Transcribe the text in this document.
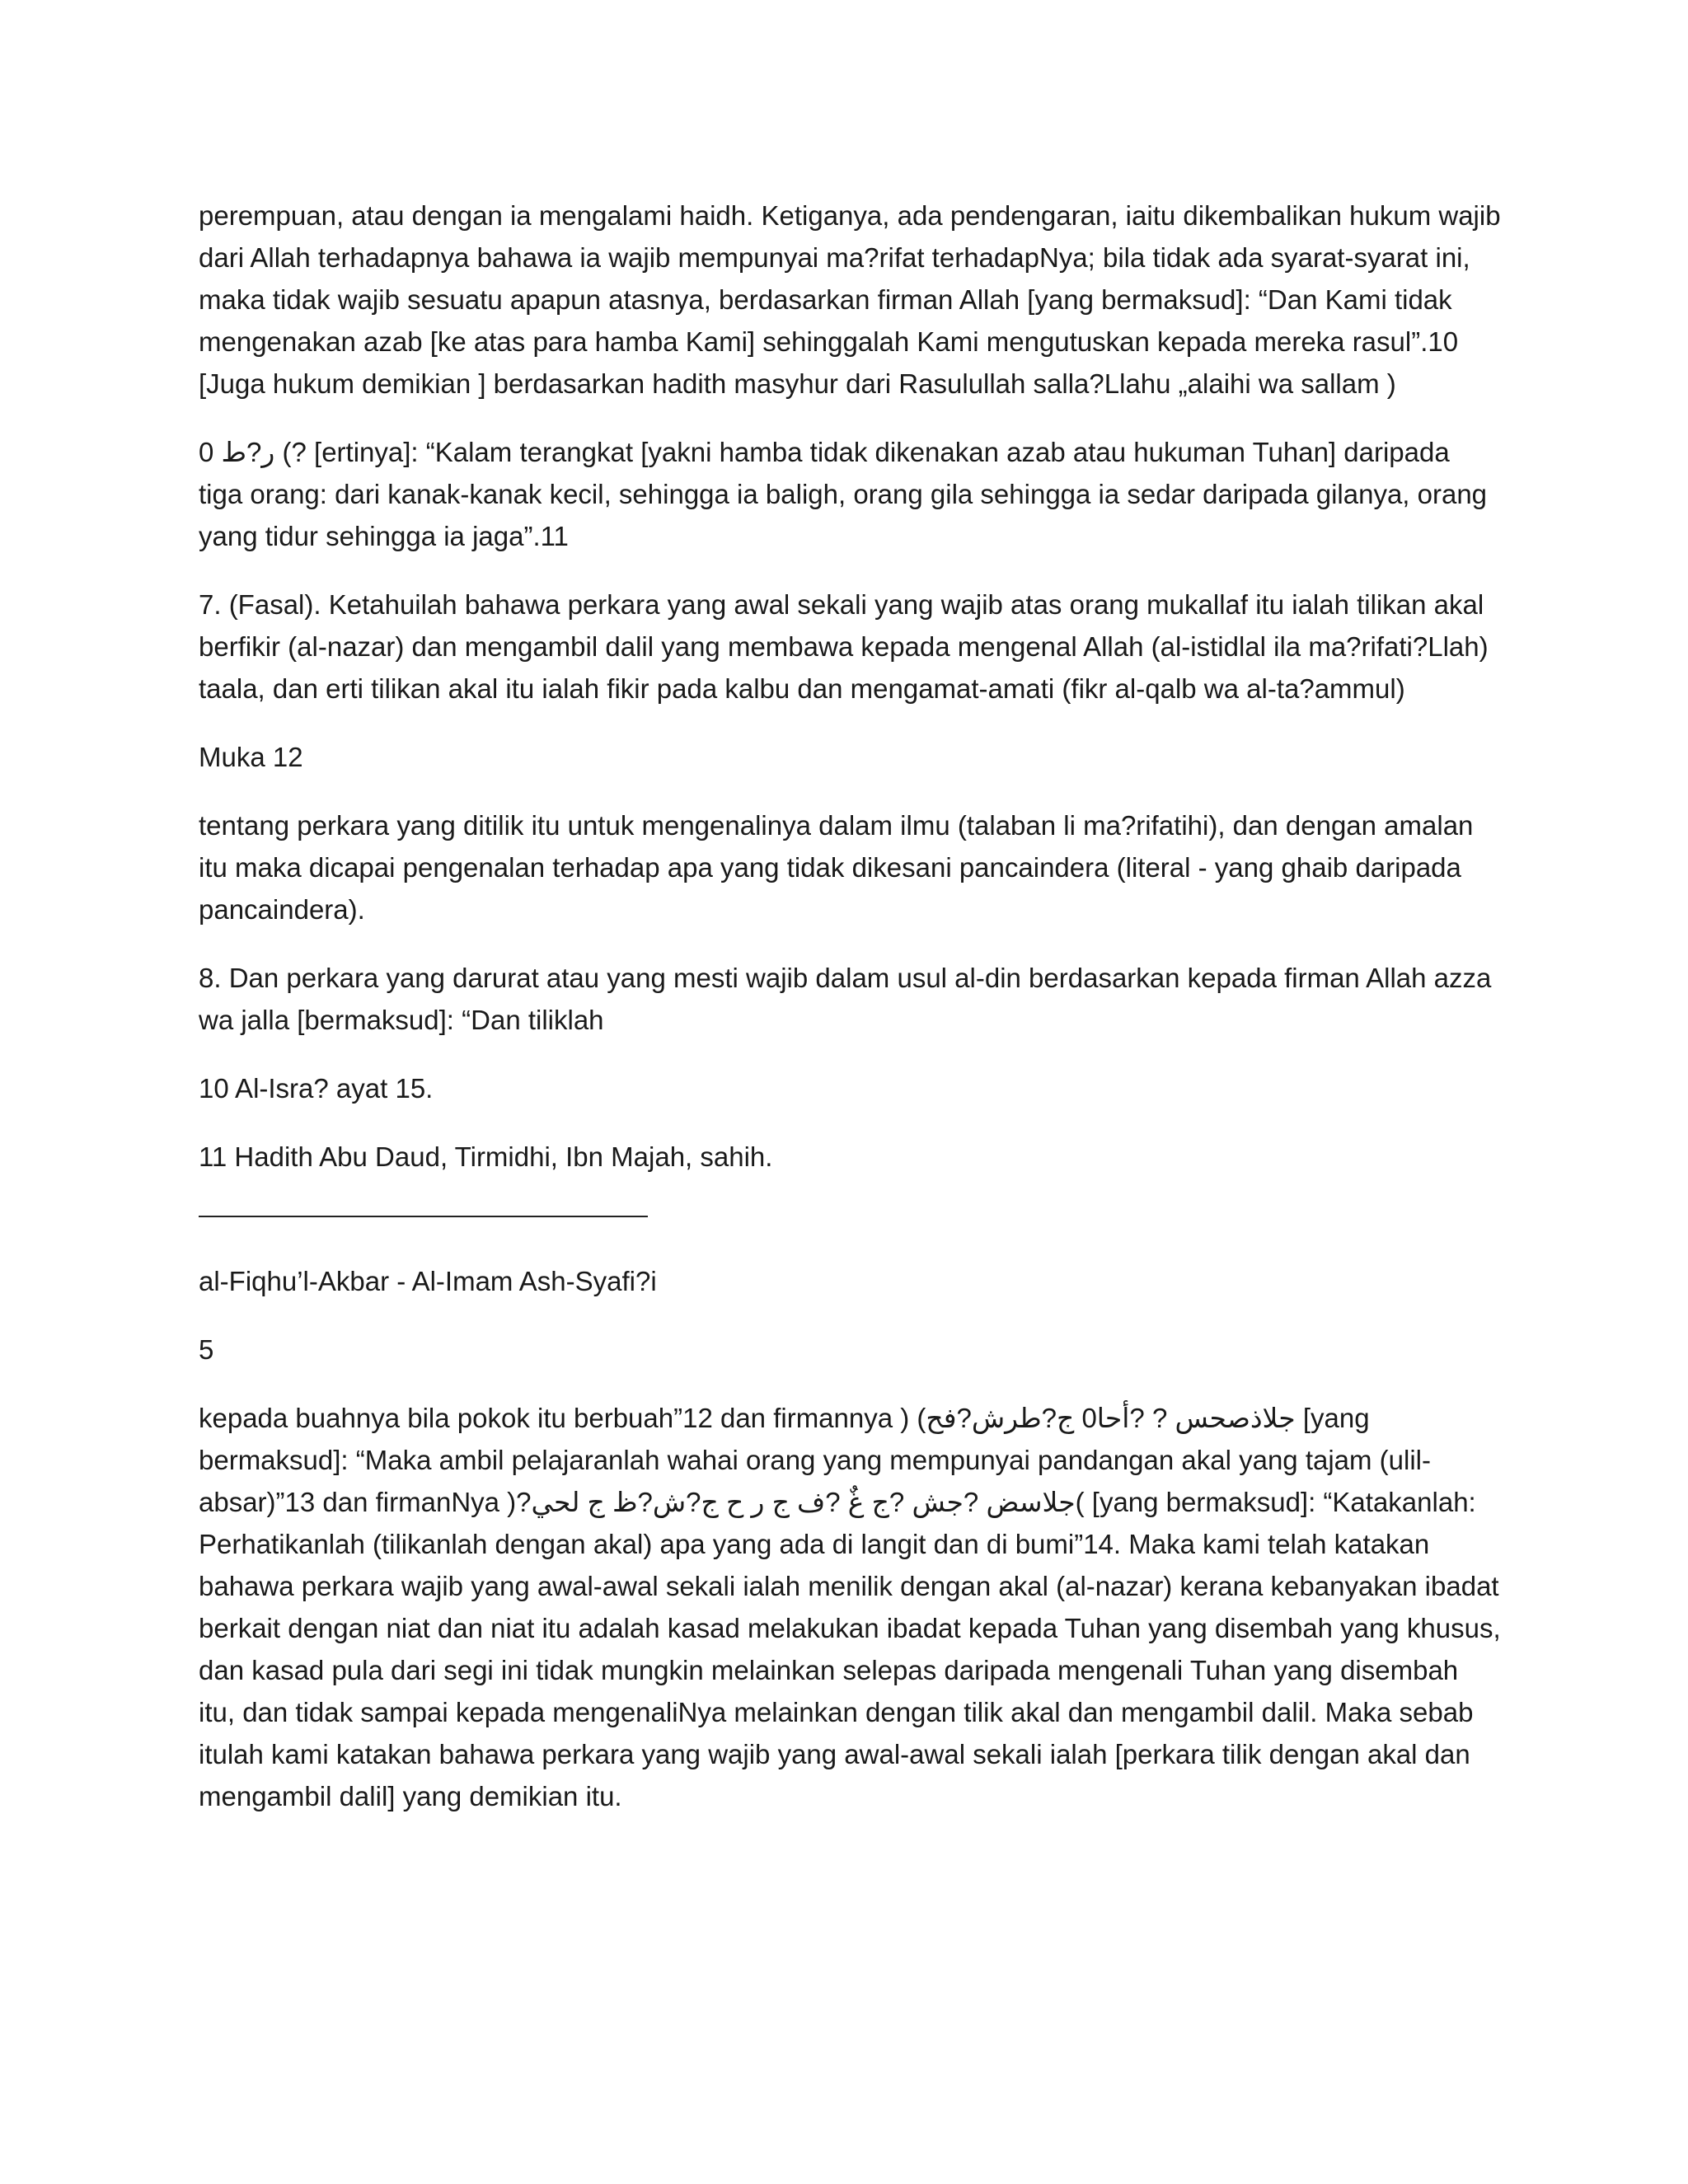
perempuan, atau dengan ia mengalami haidh. Ketiganya, ada pendengaran, iaitu dikembalikan hukum wajib dari Allah terhadapnya bahawa ia wajib mempunyai ma?rifat terhadapNya; bila tidak ada syarat-syarat ini, maka tidak wajib sesuatu apapun atasnya, berdasarkan firman Allah [yang bermaksud]: “Dan Kami tidak mengenakan azab [ke atas para hamba Kami] sehinggalah Kami mengutuskan kepada mereka rasul”.10 [Juga hukum demikian ] berdasarkan hadith masyhur dari Rasulullah salla?Llahu „alaihi wa sallam )

0 ر?ط (? [ertinya]: “Kalam terangkat [yakni hamba tidak dikenakan azab atau hukuman Tuhan] daripada tiga orang: dari kanak-kanak kecil, sehingga ia baligh, orang gila sehingga ia sedar daripada gilanya, orang yang tidur sehingga ia jaga”.11

7. (Fasal). Ketahuilah bahawa perkara yang awal sekali yang wajib atas orang mukallaf itu ialah tilikan akal berfikir (al-nazar) dan mengambil dalil yang membawa kepada mengenal Allah (al-istidlal ila ma?rifati?Llah) taala, dan erti tilikan akal itu ialah fikir pada kalbu dan mengamat-amati (fikr al-qalb wa al-ta?ammul)

Muka 12

tentang perkara yang ditilik itu untuk mengenalinya dalam ilmu (talaban li ma?rifatihi), dan dengan amalan itu maka dicapai pengenalan terhadap apa yang tidak dikesani pancaindera (literal - yang ghaib daripada pancaindera).

8. Dan perkara yang darurat atau yang mesti wajib dalam usul al-din berdasarkan kepada firman Allah azza wa jalla [bermaksud]: “Dan tiliklah

10 Al-Isra? ayat 15.

11 Hadith Abu Daud, Tirmidhi, Ibn Majah, sahih.

al-Fiqhu’l-Akbar - Al-Imam Ash-Syafi?i

5

kepada buahnya bila pokok itu berbuah”12 dan firmannya ) (جلاذصحس ? ?أحا0 ج?طرش?فح [yang bermaksud]: “Maka ambil pelajaranlah wahai orang yang mempunyai pandangan akal yang tajam (ulil-absar)”13 dan firmanNya )?جلاسض ?جش ?ج غٌ ?ف ج ر ح ج?ش?ظ ج لحي( [yang bermaksud]: “Katakanlah: Perhatikanlah (tilikanlah dengan akal) apa yang ada di langit dan di bumi”14. Maka kami telah katakan bahawa perkara wajib yang awal-awal sekali ialah menilik dengan akal (al-nazar) kerana kebanyakan ibadat berkait dengan niat dan niat itu adalah kasad melakukan ibadat kepada Tuhan yang disembah yang khusus, dan kasad pula dari segi ini tidak mungkin melainkan selepas daripada mengenali Tuhan yang disembah itu, dan tidak sampai kepada mengenaliNya melainkan dengan tilik akal dan mengambil dalil. Maka sebab itulah kami katakan bahawa perkara yang wajib yang awal-awal sekali ialah [perkara tilik dengan akal dan mengambil dalil] yang demikian itu.
